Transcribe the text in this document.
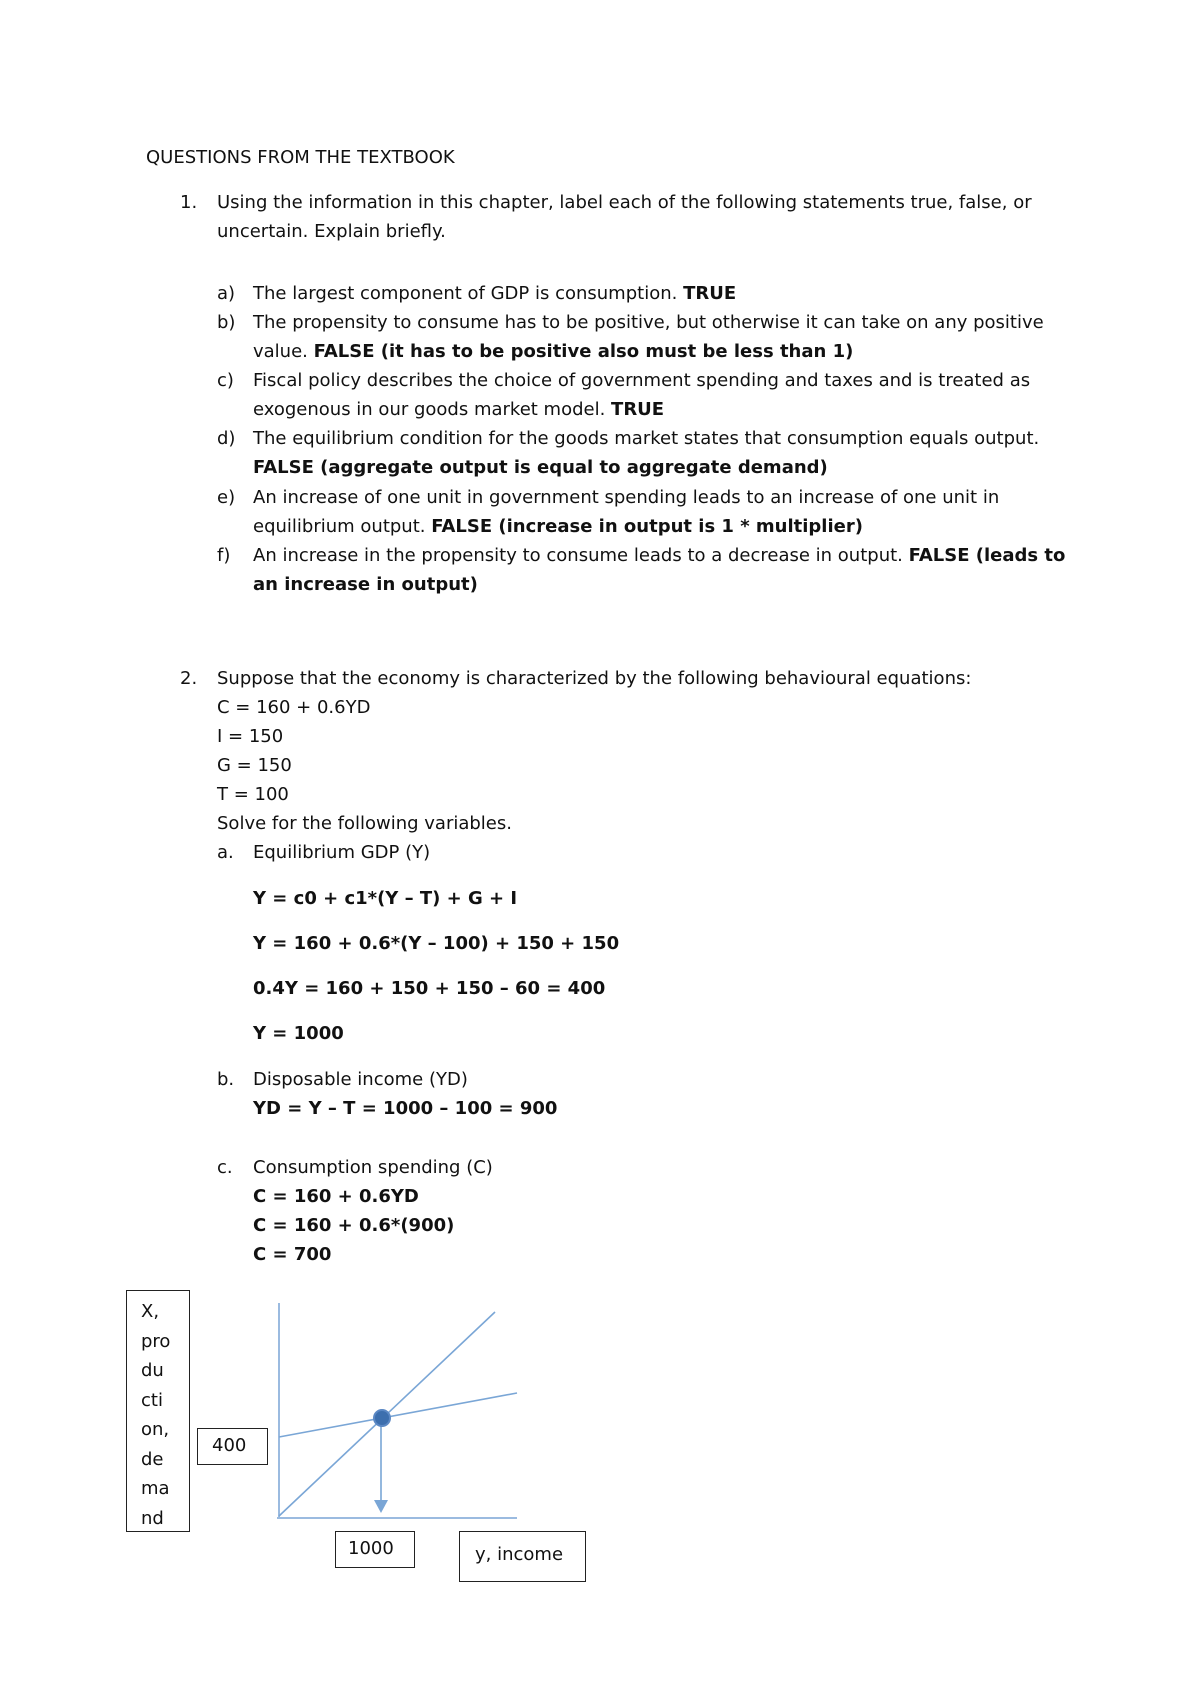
QUESTIONS FROM THE TEXTBOOK
1. Using the information in this chapter, label each of the following statements true, false, or
uncertain. Explain briefly.
a) The largest component of GDP is consumption. TRUE
b) The propensity to consume has to be positive, but otherwise it can take on any positive
value. FALSE (it has to be positive also must be less than 1)
c) Fiscal policy describes the choice of government spending and taxes and is treated as
exogenous in our goods market model. TRUE
d) The equilibrium condition for the goods market states that consumption equals output.
FALSE (aggregate output is equal to aggregate demand)
e) An increase of one unit in government spending leads to an increase of one unit in
equilibrium output. FALSE (increase in output is 1 * multiplier)
f) An increase in the propensity to consume leads to a decrease in output. FALSE (leads to
an increase in output)
2. Suppose that the economy is characterized by the following behavioural equations:
C = 160 + 0.6YD
I = 150
G = 150
T = 100
Solve for the following variables.
a. Equilibrium GDP (Y)
Y = c0 + c1*(Y – T) + G + I
Y = 160 + 0.6*(Y – 100) + 150 + 150
0.4Y = 160 + 150 + 150 – 60 = 400
Y = 1000
b. Disposable income (YD)
YD = Y – T = 1000 – 100 = 900
c. Consumption spending (C)
C = 160 + 0.6YD
C = 160 + 0.6*(900)
C = 700
X,
pro
du
cti
on,
de
ma
nd
400
1000	y, income
